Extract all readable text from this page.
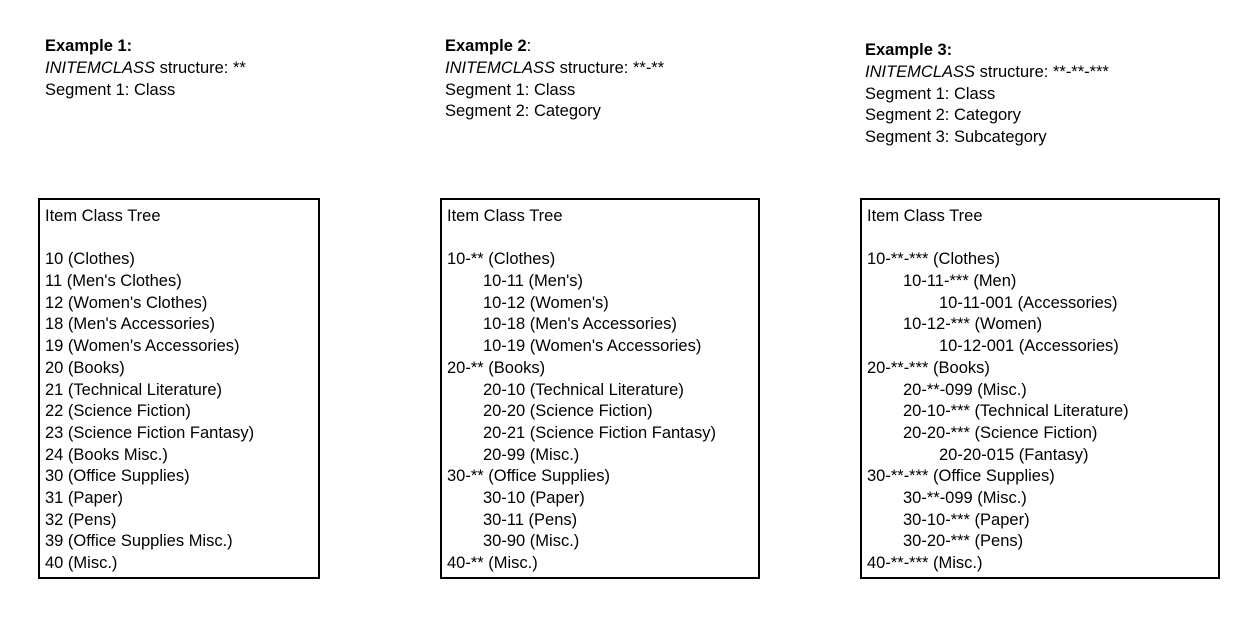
Example 1:
INITEMCLASS structure: **
Segment 1: Class
Example 2:
INITEMCLASS structure: **-**
Segment 1: Class
Segment 2: Category
Example 3:
INITEMCLASS structure: **-**-***
Segment 1: Class
Segment 2: Category
Segment 3: Subcategory
Item Class Tree
10 (Clothes)
11 (Men's Clothes)
12 (Women's Clothes)
18 (Men's Accessories)
19 (Women's Accessories)
20 (Books)
21 (Technical Literature)
22 (Science Fiction)
23 (Science Fiction Fantasy)
24 (Books Misc.)
30 (Office Supplies)
31 (Paper)
32 (Pens)
39 (Office Supplies Misc.)
40 (Misc.)
Item Class Tree
10-** (Clothes)
10-11 (Men's)
10-12 (Women's)
10-18 (Men's Accessories)
10-19 (Women's Accessories)
20-** (Books)
20-10 (Technical Literature)
20-20 (Science Fiction)
20-21 (Science Fiction Fantasy)
20-99 (Misc.)
30-** (Office Supplies)
30-10 (Paper)
30-11 (Pens)
30-90 (Misc.)
40-** (Misc.)
Item Class Tree
10-**-*** (Clothes)
10-11-*** (Men)
10-11-001 (Accessories)
10-12-*** (Women)
10-12-001 (Accessories)
20-**-*** (Books)
20-**-099 (Misc.)
20-10-*** (Technical Literature)
20-20-*** (Science Fiction)
20-20-015 (Fantasy)
30-**-*** (Office Supplies)
30-**-099 (Misc.)
30-10-*** (Paper)
30-20-*** (Pens)
40-**-*** (Misc.)
